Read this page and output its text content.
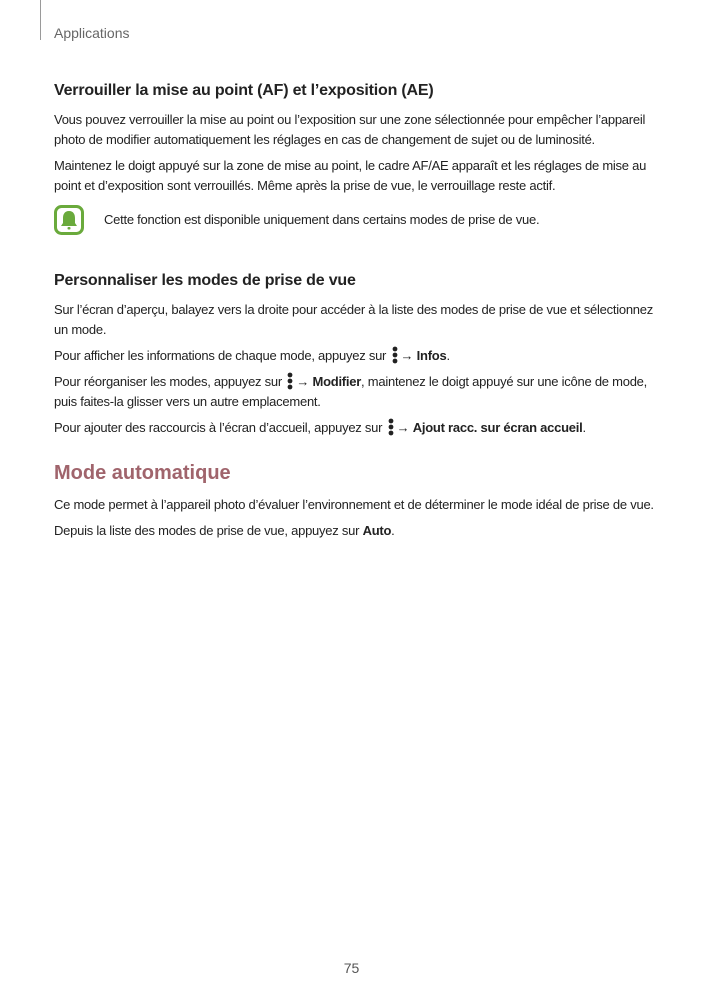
Applications
Verrouiller la mise au point (AF) et l’exposition (AE)

Vous pouvez verrouiller la mise au point ou l’exposition sur une zone sélectionnée pour empêcher l’appareil photo de modifier automatiquement les réglages en cas de changement de sujet ou de luminosité.

Maintenez le doigt appuyé sur la zone de mise au point, le cadre AF/AE apparaît et les réglages de mise au point et d’exposition sont verrouillés. Même après la prise de vue, le verrouillage reste actif.

Cette fonction est disponible uniquement dans certains modes de prise de vue.

Personnaliser les modes de prise de vue

Sur l’écran d’aperçu, balayez vers la droite pour accéder à la liste des modes de prise de vue et sélectionnez un mode.

Pour afficher les informations de chaque mode, appuyez sur → Infos.

Pour réorganiser les modes, appuyez sur → Modifier, maintenez le doigt appuyé sur une icône de mode, puis faites-la glisser vers un autre emplacement.

Pour ajouter des raccourcis à l’écran d’accueil, appuyez sur → Ajout racc. sur écran accueil.

Mode automatique

Ce mode permet à l’appareil photo d’évaluer l’environnement et de déterminer le mode idéal de prise de vue.

Depuis la liste des modes de prise de vue, appuyez sur Auto.

75
